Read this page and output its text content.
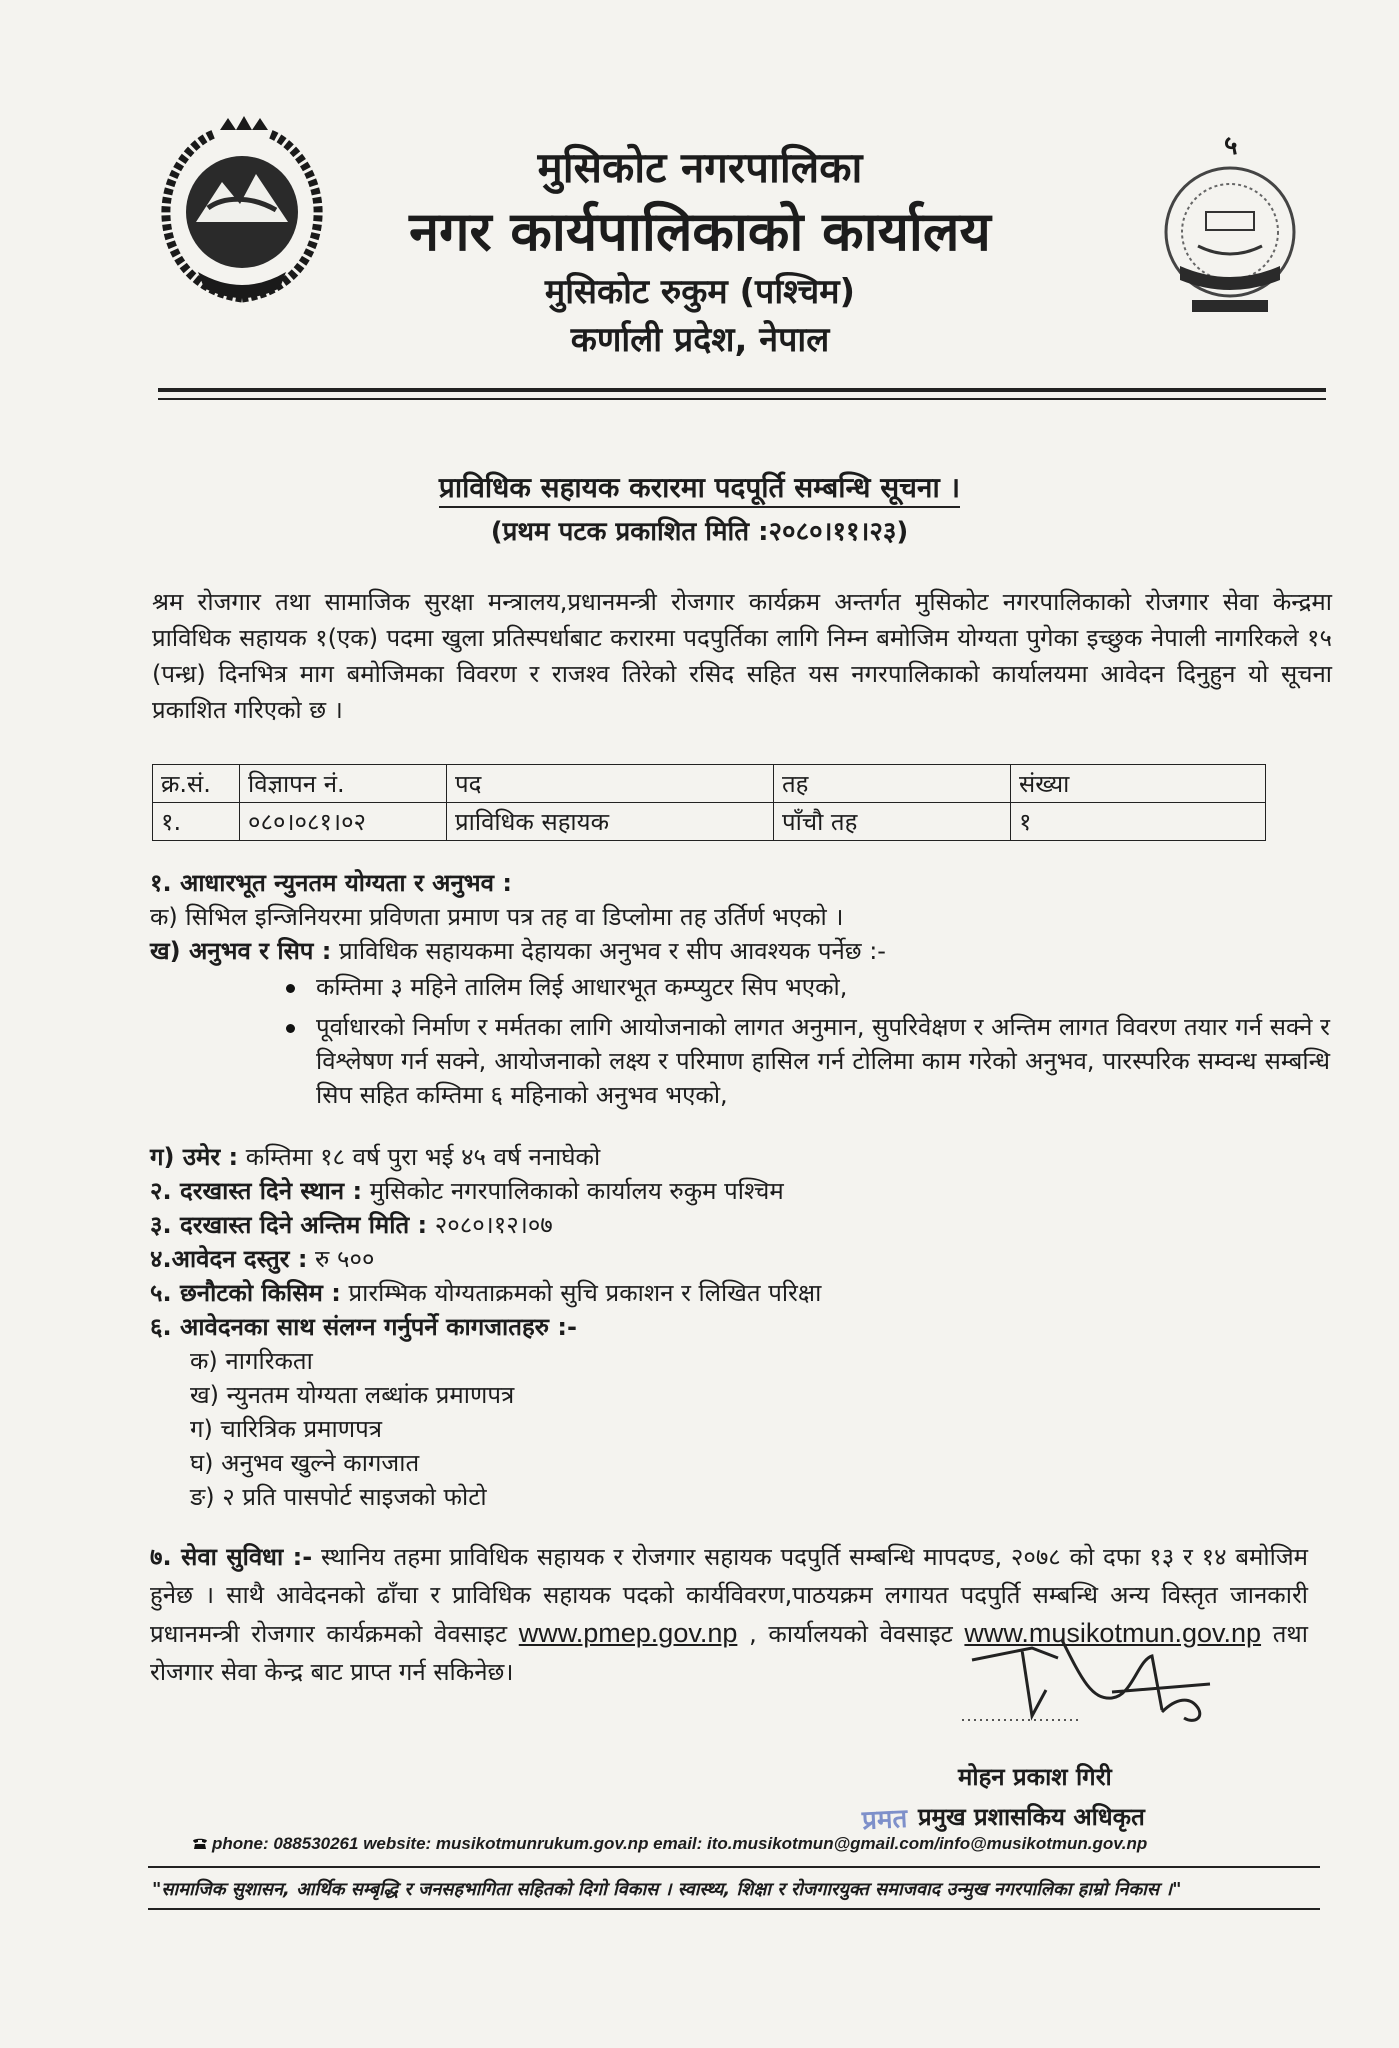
मुसिकोट नगरपालिका
नगर कार्यपालिकाको कार्यालय
मुसिकोट रुकुम (पश्चिम)
कर्णाली प्रदेश, नेपाल
५
प्राविधिक सहायक करारमा पदपूर्ति सम्बन्धि सूचना ।
(प्रथम पटक प्रकाशित मिति :२०८०।११।२३)
श्रम रोजगार तथा सामाजिक सुरक्षा मन्त्रालय,प्रधानमन्त्री रोजगार कार्यक्रम अन्तर्गत मुसिकोट नगरपालिकाको रोजगार सेवा केन्द्रमा प्राविधिक सहायक १(एक) पदमा खुला प्रतिस्पर्धाबाट करारमा पदपुर्तिका लागि निम्न बमोजिम योग्यता पुगेका इच्छुक नेपाली नागरिकले १५ (पन्ध्र) दिनभित्र माग बमोजिमका विवरण र राजश्व तिरेको रसिद सहित यस नगरपालिकाको कार्यालयमा आवेदन दिनुहुन यो सूचना प्रकाशित गरिएको छ ।
क्र.सं.	विज्ञापन नं.	पद	तह	संख्या
१.	०८०।०८१।०२	प्राविधिक सहायक	पाँचौ तह	१
१. आधारभूत न्युनतम योग्यता र अनुभव :
क) सिभिल इन्जिनियरमा प्रविणता प्रमाण पत्र तह वा डिप्लोमा तह उर्तिर्ण भएको ।
ख) अनुभव र सिप : प्राविधिक सहायकमा देहायका अनुभव र सीप आवश्यक पर्नेछ :-
कम्तिमा ३ महिने तालिम लिई आधारभूत कम्प्युटर सिप भएको,
पूर्वाधारको निर्माण र मर्मतका लागि आयोजनाको लागत अनुमान, सुपरिवेक्षण र अन्तिम लागत विवरण तयार गर्न सक्ने र विश्लेषण गर्न सक्ने, आयोजनाको लक्ष्य र परिमाण हासिल गर्न टोलिमा काम गरेको अनुभव, पारस्परिक सम्वन्ध सम्बन्धि सिप सहित कम्तिमा ६ महिनाको अनुभव भएको,
ग) उमेर : कम्तिमा १८ वर्ष पुरा भई ४५ वर्ष ननाघेको
२. दरखास्त दिने स्थान : मुसिकोट नगरपालिकाको कार्यालय रुकुम पश्चिम
३. दरखास्त दिने अन्तिम मिति : २०८०।१२।०७
४.आवेदन दस्तुर : रु ५००
५. छनौटको किसिम : प्रारम्भिक योग्यताक्रमको सुचि प्रकाशन र लिखित परिक्षा
६. आवेदनका साथ संलग्न गर्नुपर्ने कागजातहरु :-
क) नागरिकता
ख) न्युनतम योग्यता लब्धांक प्रमाणपत्र
ग) चारित्रिक प्रमाणपत्र
घ) अनुभव खुल्ने कागजात
ङ) २ प्रति पासपोर्ट साइजको फोटो
७. सेवा सुविधा :- स्थानिय तहमा प्राविधिक सहायक र रोजगार सहायक पदपुर्ति सम्बन्धि मापदण्ड, २०७८ को दफा १३ र १४ बमोजिम हुनेछ । साथै आवेदनको ढाँचा र प्राविधिक सहायक पदको कार्यविवरण,पाठयक्रम लगायत पदपुर्ति सम्बन्धि अन्य विस्तृत जानकारी प्रधानमन्त्री रोजगार कार्यक्रमको वेवसाइट www.pmep.gov.np , कार्यालयको वेवसाइट www.musikotmun.gov.np तथा रोजगार सेवा केन्द्र बाट प्राप्त गर्न सकिनेछ।
मोहन प्रकाश गिरी
प्रमत प्रमुख प्रशासकिय अधिकृत
phone: 088530261 website: musikotmunrukum.gov.np email: ito.musikotmun@gmail.com/info@musikotmun.gov.np
"सामाजिक सुशासन, आर्थिक सम्बृद्धि र जनसहभागिता सहितको दिगो विकास । स्वास्थ्य, शिक्षा र रोजगारयुक्त समाजवाद उन्मुख नगरपालिका हाम्रो निकास ।"
